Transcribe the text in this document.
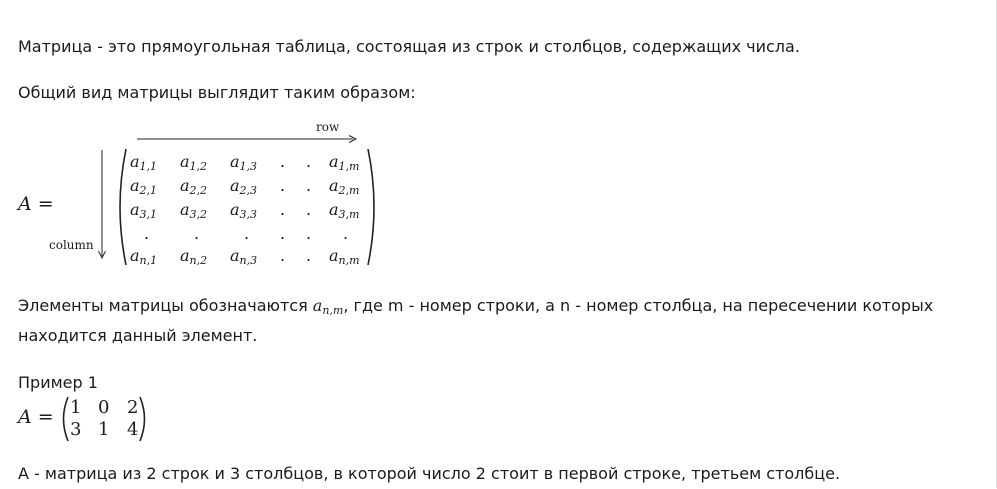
Матрица - это прямоугольная таблица, состоящая из строк и столбцов, содержащих числа.
Общий вид матрицы выглядит таким образом:
A =
row
column
$a_{1,1}$ $a_{1,2}$ $a_{1,3}$ . . $a_{1,m}$
$a_{2,1}$ $a_{2,2}$ $a_{2,3}$ . . $a_{2,m}$
$a_{3,1}$ $a_{3,2}$ $a_{3,3}$ . . $a_{3,m}$
.	.	. . . .
$a_{n,1}$ $a_{n,2}$ $a_{n,3}$ . . $a_{n,m}$
Элементы матрицы обозначаются an,m, где m - номер строки, а n - номер столбца, на пересечении которых
находится данный элемент.
Пример 1
A = 1 0 2
3 1 4
A - матрица из 2 строк и 3 столбцов, в которой число 2 стоит в первой строке, третьем столбце.
